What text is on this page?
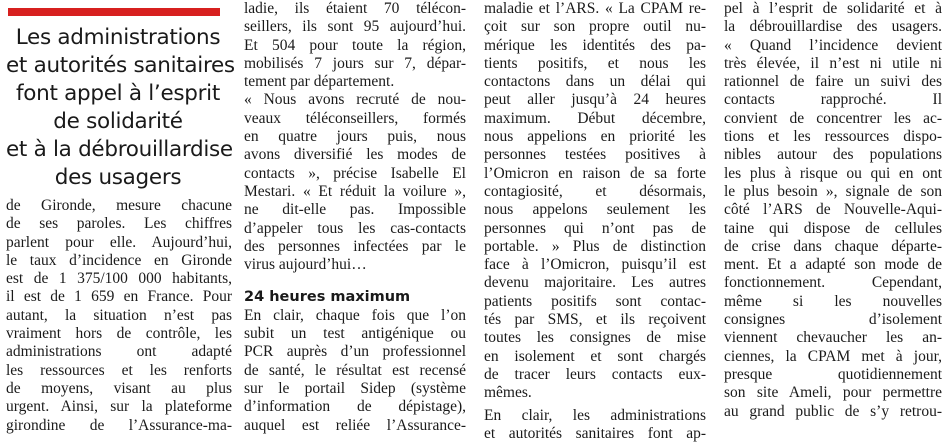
Les administrations
et autorités sanitaires
font appel à l’esprit
de solidarité
et à la débrouillardise
des usagers
de Gironde, mesure chacune
de ses paroles. Les chiffres
parlent pour elle. Aujourd’hui,
le taux d’incidence en Gironde
est de 1 375/100 000 habitants,
il est de 1 659 en France. Pour
autant, la situation n’est pas
vraiment hors de contrôle, les
administrations ont adapté
les ressources et les renforts
de moyens, visant au plus
urgent. Ainsi, sur la plateforme
girondine de l’Assurance-ma-
ladie, ils étaient 70 télécon-
seillers, ils sont 95 aujourd’hui.
Et 504 pour toute la région,
mobilisés 7 jours sur 7, dépar-
tement par département.
« Nous avons recruté de nou-
veaux téléconseillers, formés
en quatre jours puis, nous
avons diversifié les modes de
contacts », précise Isabelle El
Mestari. « Et réduit la voilure »,
ne dit-elle pas. Impossible
d’appeler tous les cas-contacts
des personnes infectées par le
virus aujourd’hui…
24 heures maximum
En clair, chaque fois que l’on
subit un test antigénique ou
PCR auprès d’un professionnel
de santé, le résultat est recensé
sur le portail Sidep (système
d’information de dépistage),
auquel est reliée l’Assurance-
maladie et l’ARS. « La CPAM re-
çoit sur son propre outil nu-
mérique les identités des pa-
tients positifs, et nous les
contactons dans un délai qui
peut aller jusqu’à 24 heures
maximum. Début décembre,
nous appelions en priorité les
personnes testées positives à
l’Omicron en raison de sa forte
contagiosité, et désormais,
nous appelons seulement les
personnes qui n’ont pas de
portable. » Plus de distinction
face à l’Omicron, puisqu’il est
devenu majoritaire. Les autres
patients positifs sont contac-
tés par SMS, et ils reçoivent
toutes les consignes de mise
en isolement et sont chargés
de tracer leurs contacts eux-
mêmes.
En clair, les administrations
et autorités sanitaires font ap-
pel à l’esprit de solidarité et à
la débrouillardise des usagers.
« Quand l’incidence devient
très élevée, il n’est ni utile ni
rationnel de faire un suivi des
contacts rapproché. Il
convient de concentrer les ac-
tions et les ressources dispo-
nibles autour des populations
les plus à risque ou qui en ont
le plus besoin », signale de son
côté l’ARS de Nouvelle-Aqui-
taine qui dispose de cellules
de crise dans chaque départe-
ment. Et a adapté son mode de
fonctionnement. Cependant,
même si les nouvelles
consignes d’isolement
viennent chevaucher les an-
ciennes, la CPAM met à jour,
presque quotidiennement
son site Ameli, pour permettre
au grand public de s’y retrou-
